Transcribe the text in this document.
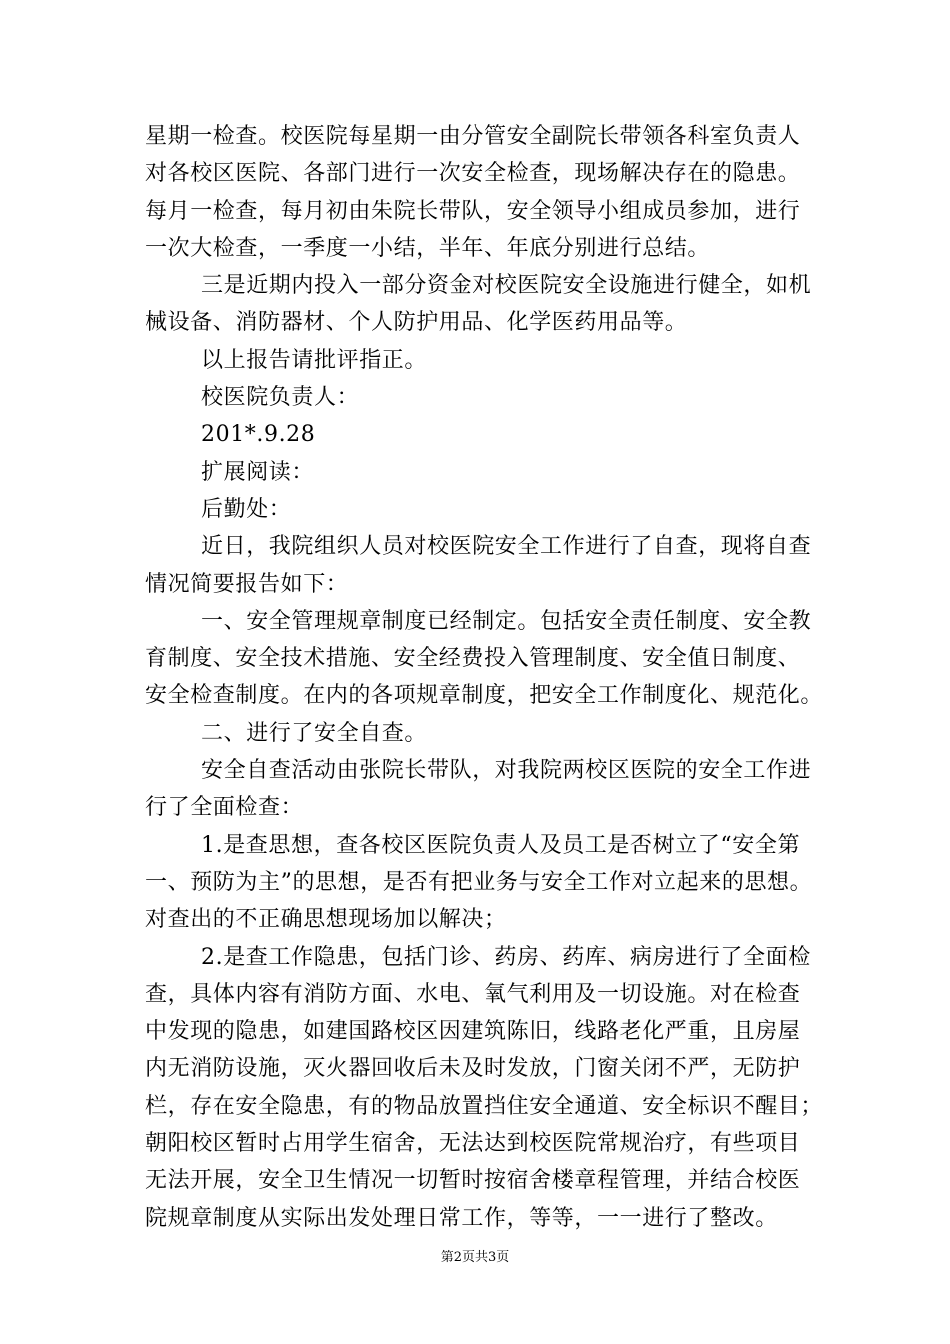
星期一检查。校医院每星期一由分管安全副院长带领各科室负责人
对各校区医院、各部门进行一次安全检查，现场解决存在的隐患。
每月一检查，每月初由朱院长带队，安全领导小组成员参加，进行
一次大检查，一季度一小结，半年、年底分别进行总结。
三是近期内投入一部分资金对校医院安全设施进行健全，如机
械设备、消防器材、个人防护用品、化学医药用品等。
以上报告请批评指正。
校医院负责人：
201*.9.28
扩展阅读：
后勤处：
近日，我院组织人员对校医院安全工作进行了自查，现将自查
情况简要报告如下：
一、安全管理规章制度已经制定。包括安全责任制度、安全教
育制度、安全技术措施、安全经费投入管理制度、安全值日制度、
安全检查制度。在内的各项规章制度，把安全工作制度化、规范化。
二、进行了安全自查。
安全自查活动由张院长带队，对我院两校区医院的安全工作进
行了全面检查：
1.是查思想，查各校区医院负责人及员工是否树立了“安全第
一、预防为主”的思想，是否有把业务与安全工作对立起来的思想。
对查出的不正确思想现场加以解决；
2.是查工作隐患，包括门诊、药房、药库、病房进行了全面检
查，具体内容有消防方面、水电、氧气利用及一切设施。对在检查
中发现的隐患，如建国路校区因建筑陈旧，线路老化严重，且房屋
内无消防设施，灭火器回收后未及时发放，门窗关闭不严，无防护
栏，存在安全隐患，有的物品放置挡住安全通道、安全标识不醒目；
朝阳校区暂时占用学生宿舍，无法达到校医院常规治疗，有些项目
无法开展，安全卫生情况一切暂时按宿舍楼章程管理，并结合校医
院规章制度从实际出发处理日常工作，等等，一一进行了整改。
第2页共3页
